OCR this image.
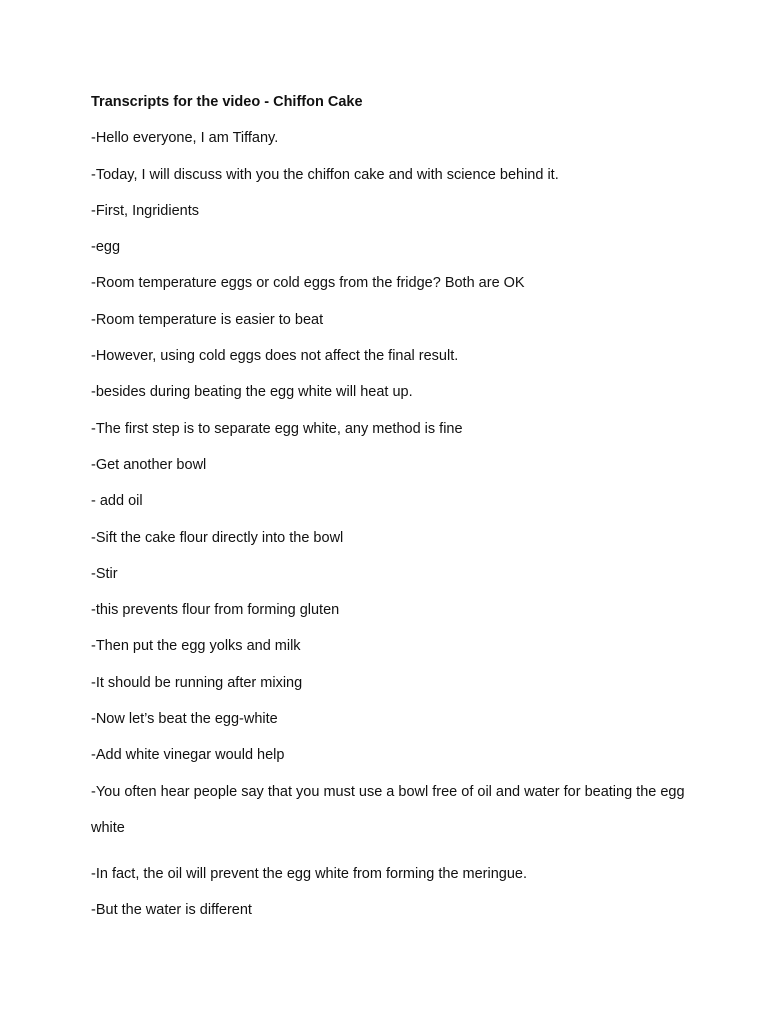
Transcripts for the video - Chiffon Cake

-Hello everyone, I am Tiffany.

-Today, I will discuss with you the chiffon cake and with science behind it.

-First, Ingridients

-egg

-Room temperature eggs or cold eggs from the fridge? Both are OK

-Room temperature is easier to beat

-However, using cold eggs does not affect the final result.

-besides during beating the egg white will heat up.

-The first step is to separate egg white, any method is fine

-Get another bowl

- add oil

-Sift the cake flour directly into the bowl

-Stir

-this prevents flour from forming gluten

-Then put the egg yolks and milk

-It should be running after mixing

-Now let’s beat the egg-white

-Add white vinegar would help

-You often hear people say that you must use a bowl free of oil and water for beating the egg white

-In fact, the oil will prevent the egg white from forming the meringue.

-But the water is different
